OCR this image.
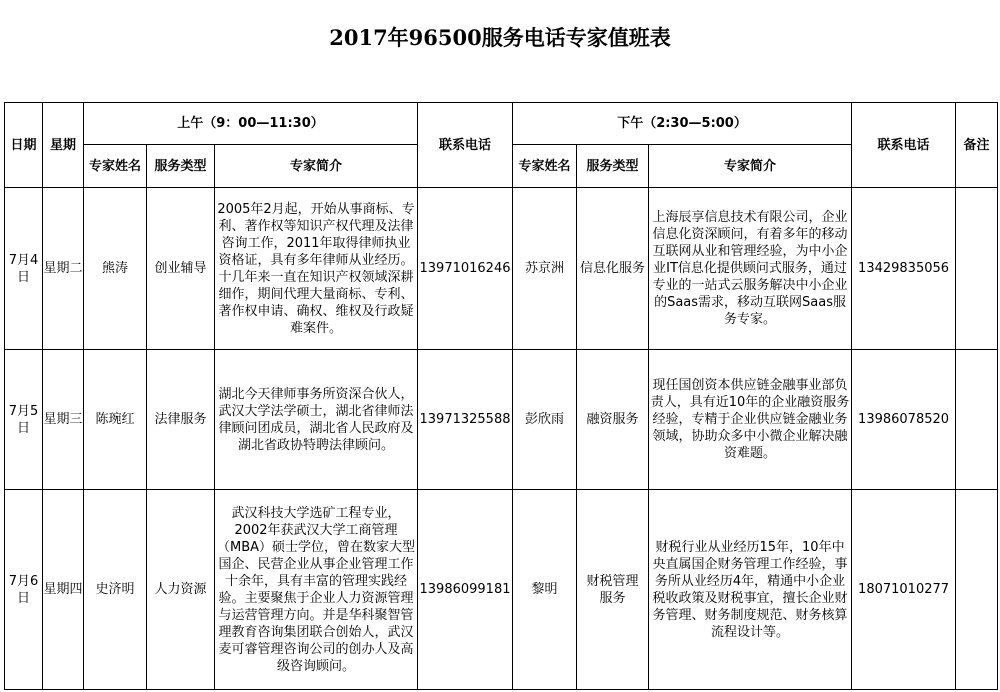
2017年96500服务电话专家值班表
日期	星期	上午（9：00—11:30）			联系电话	下午（2:30—5:00）			联系电话	备注
		专家姓名	服务类型	专家简介		专家姓名	服务类型	专家简介		
7月4日	星期二	熊涛	创业辅导	2005年2月起，开始从事商标、专利、著作权等知识产权代理及法律咨询工作，2011年取得律师执业资格证，具有多年律师从业经历。十几年来一直在知识产权领域深耕细作，期间代理大量商标、专利、著作权申请、确权、维权及行政疑难案件。	13971016246	苏京洲	信息化服务	上海辰享信息技术有限公司，企业信息化资深顾问，有着多年的移动互联网从业和管理经验，为中小企业IT信息化提供顾问式服务，通过专业的一站式云服务解决中小企业的Saas需求，移动互联网Saas服务专家。	13429835056	
7月5日	星期三	陈琬红	法律服务	湖北今天律师事务所资深合伙人，武汉大学法学硕士，湖北省律师法律顾问团成员，湖北省人民政府及湖北省政协特聘法律顾问。	13971325588	彭欣雨	融资服务	现任国创资本供应链金融事业部负责人，具有近10年的企业融资服务经验，专精于企业供应链金融业务领域，协助众多中小微企业解决融资难题。	13986078520	
7月6日	星期四	史济明	人力资源	武汉科技大学选矿工程专业，2002年获武汉大学工商管理（MBA）硕士学位，曾在数家大型国企、民营企业从事企业管理工作十余年，具有丰富的管理实践经验。主要聚焦于企业人力资源管理与运营管理方向。并是华科聚智管理教育咨询集团联合创始人，武汉麦可睿管理咨询公司的创办人及高级咨询顾问。	13986099181	黎明	财税管理服务	财税行业从业经历15年，10年中央直属国企财务管理工作经验，事务所从业经历4年，精通中小企业税收政策及财税事宜，擅长企业财务管理、财务制度规范、财务核算流程设计等。	18071010277	
